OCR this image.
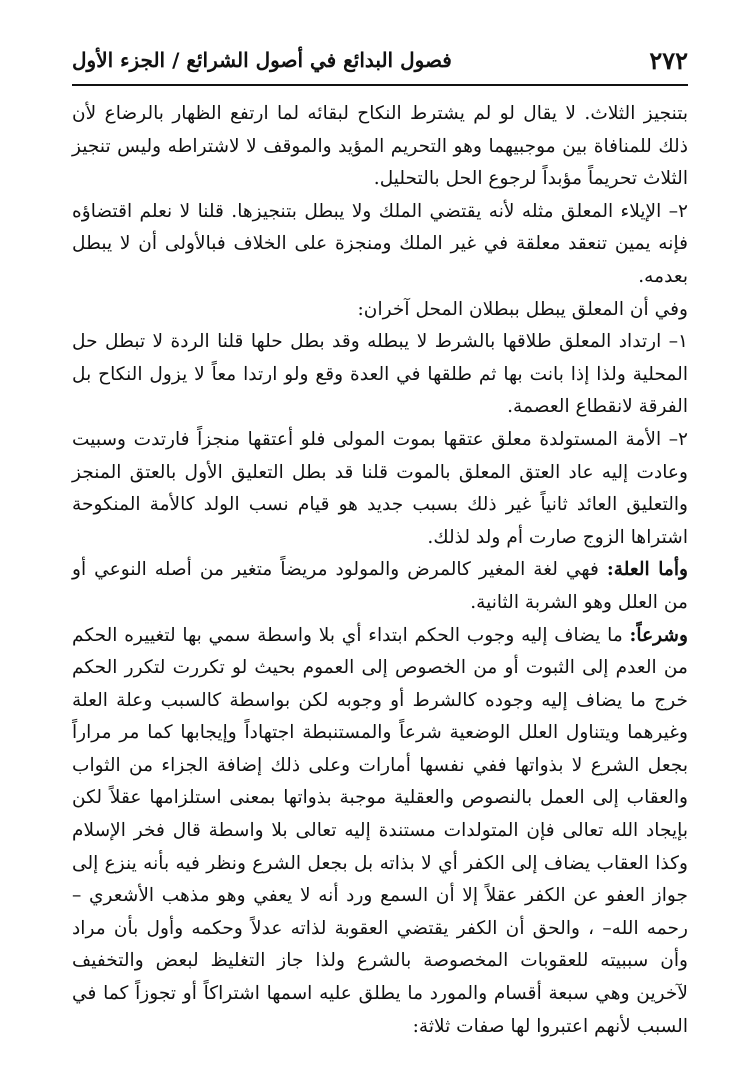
٢٧٢
فصول البدائع في أصول الشرائع / الجزء الأول

بتنجيز الثلاث. لا يقال لو لم يشترط النكاح لبقائه لما ارتفع الظهار بالرضاع لأن ذلك للمنافاة بين موجبيهما وهو التحريم المؤيد والموقف لا لاشتراطه وليس تنجيز الثلاث تحريماً مؤبداً لرجوع الحل بالتحليل.

٢– الإيلاء المعلق مثله لأنه يقتضي الملك ولا يبطل بتنجيزها. قلنا لا نعلم اقتضاؤه فإنه يمين تنعقد معلقة في غير الملك ومنجزة على الخلاف فبالأولى أن لا يبطل بعدمه.

وفي أن المعلق يبطل ببطلان المحل آخران:

١– ارتداد المعلق طلاقها بالشرط لا يبطله وقد بطل حلها قلنا الردة لا تبطل حل المحلية ولذا إذا بانت بها ثم طلقها في العدة وقع ولو ارتدا معاً لا يزول النكاح بل الفرقة لانقطاع العصمة.

٢– الأمة المستولدة معلق عتقها بموت المولى فلو أعتقها منجزاً فارتدت وسبيت وعادت إليه عاد العتق المعلق بالموت قلنا قد بطل التعليق الأول بالعتق المنجز والتعليق العائد ثانياً غير ذلك بسبب جديد هو قيام نسب الولد كالأمة المنكوحة اشتراها الزوج صارت أم ولد لذلك.

وأما العلة: فهي لغة المغير كالمرض والمولود مريضاً متغير من أصله النوعي أو من العلل وهو الشربة الثانية.

وشرعاً: ما يضاف إليه وجوب الحكم ابتداء أي بلا واسطة سمي بها لتغييره الحكم من العدم إلى الثبوت أو من الخصوص إلى العموم بحيث لو تكررت لتكرر الحكم خرج ما يضاف إليه وجوده كالشرط أو وجوبه لكن بواسطة كالسبب وعلة العلة وغيرهما ويتناول العلل الوضعية شرعاً والمستنبطة اجتهاداً وإيجابها كما مر مراراً بجعل الشرع لا بذواتها ففي نفسها أمارات وعلى ذلك إضافة الجزاء من الثواب والعقاب إلى العمل بالنصوص والعقلية موجبة بذواتها بمعنى استلزامها عقلاً لكن بإيجاد الله تعالى فإن المتولدات مستندة إليه تعالى بلا واسطة قال فخر الإسلام وكذا العقاب يضاف إلى الكفر أي لا بذاته بل بجعل الشرع ونظر فيه بأنه ينزع إلى جواز العفو عن الكفر عقلاً إلا أن السمع ورد أنه لا يعفي وهو مذهب الأشعري –رحمه الله– ، والحق أن الكفر يقتضي العقوبة لذاته عدلاً وحكمه وأول بأن مراد وأن سببيته للعقوبات المخصوصة بالشرع ولذا جاز التغليظ لبعض والتخفيف لآخرين وهي سبعة أقسام والمورد ما يطلق عليه اسمها اشتراكاً أو تجوزاً كما في السبب لأنهم اعتبروا لها صفات ثلاثة:
